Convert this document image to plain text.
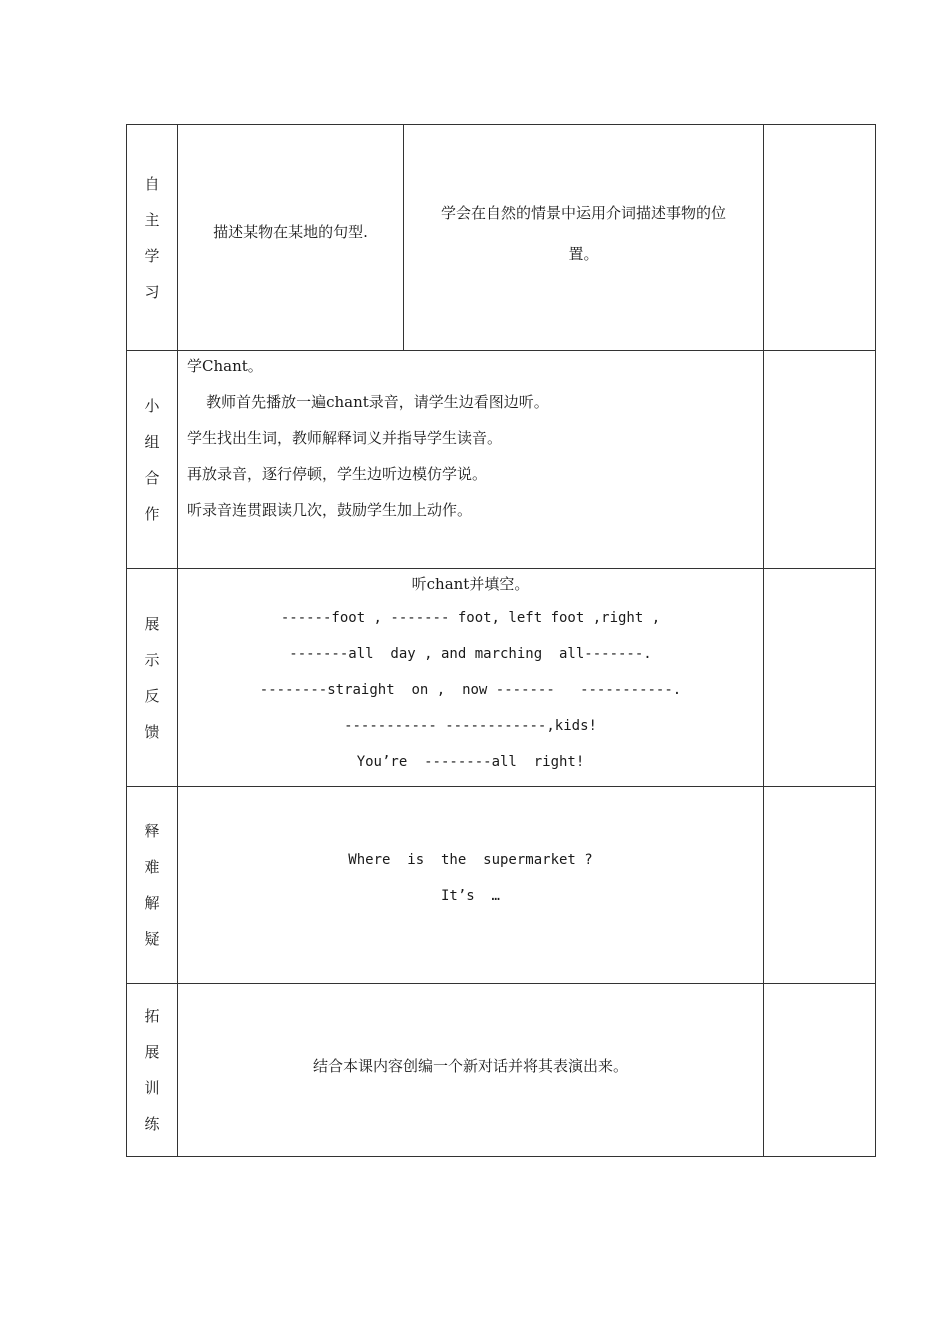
自
主
学
习
描述某物在某地的句型.
学会在自然的情景中运用介词描述事物的位
置。
小
组
合
作
学Chant。
教师首先播放一遍chant录音，请学生边看图边听。
学生找出生词，教师解释词义并指导学生读音。
再放录音，逐行停顿，学生边听边模仿学说。
听录音连贯跟读几次，鼓励学生加上动作。
展
示
反
馈
听chant并填空。
------foot , ------- foot, left foot ,right ,
-------all  day , and marching  all-------.
--------straight  on ,  now -------   -----------.
----------- ------------,kids!
You’re  --------all  right!
释
难
解
疑
Where  is  the  supermarket ?
It’s  …
拓
展
训
练
结合本课内容创编一个新对话并将其表演出来。
